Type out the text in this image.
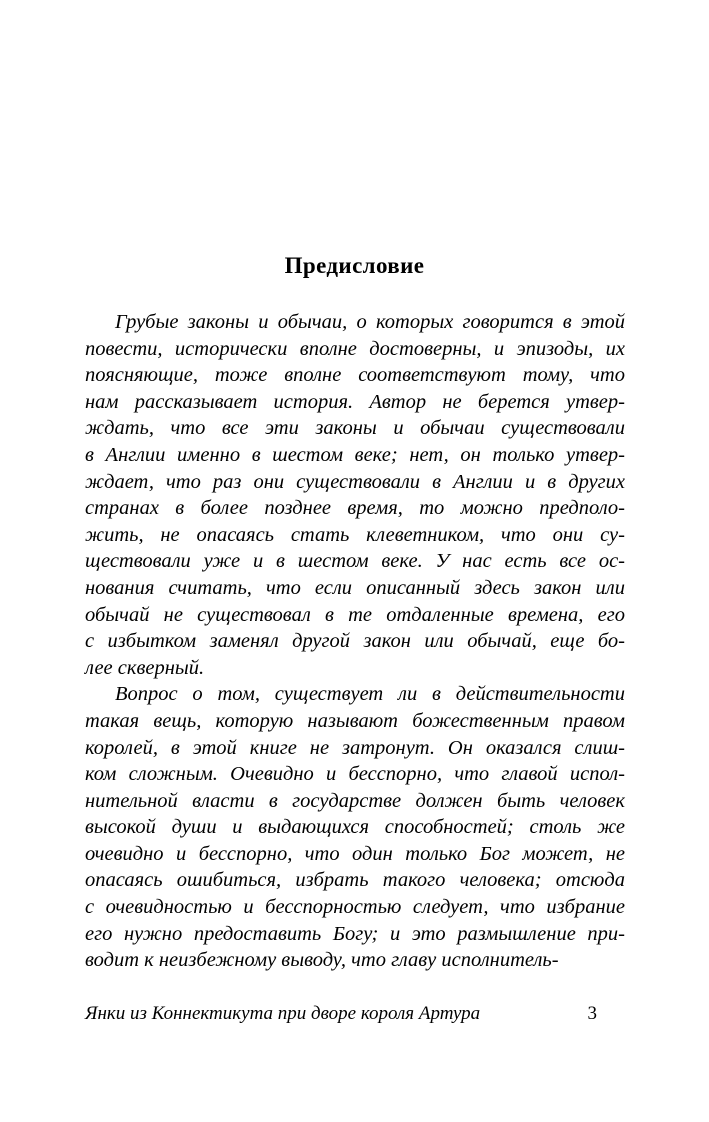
Предисловие
Грубые законы и обычаи, о которых говорится в этой
повести, исторически вполне достоверны, и эпизоды, их
поясняющие, тоже вполне соответствуют тому, что
нам рассказывает история. Автор не берется утвер-
ждать, что все эти законы и обычаи существовали
в Англии именно в шестом веке; нет, он только утвер-
ждает, что раз они существовали в Англии и в других
странах в более позднее время, то можно предполо-
жить, не опасаясь стать клеветником, что они су-
ществовали уже и в шестом веке. У нас есть все ос-
нования считать, что если описанный здесь закон или
обычай не существовал в те отдаленные времена, его
с избытком заменял другой закон или обычай, еще бо-
лее скверный.
Вопрос о том, существует ли в действительности
такая вещь, которую называют божественным правом
королей, в этой книге не затронут. Он оказался слиш-
ком сложным. Очевидно и бесспорно, что главой испол-
нительной власти в государстве должен быть человек
высокой души и выдающихся способностей; столь же
очевидно и бесспорно, что один только Бог может, не
опасаясь ошибиться, избрать такого человека; отсюда
с очевидностью и бесспорностью следует, что избрание
его нужно предоставить Богу; и это размышление при-
водит к неизбежному выводу, что главу исполнитель-
Янки из Коннектикута при дворе короля Артура	3
